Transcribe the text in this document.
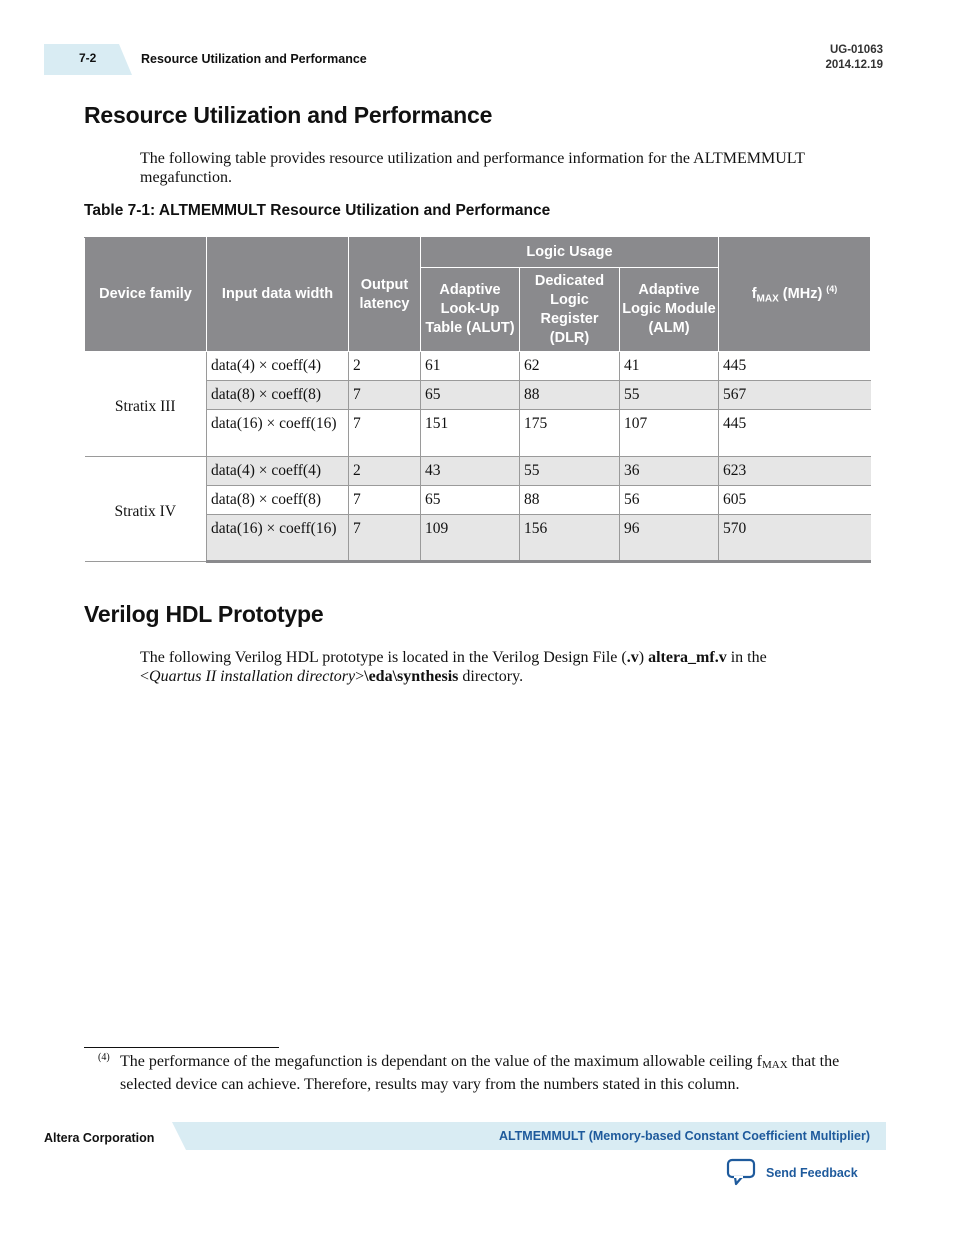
7-2	Resource Utilization and Performance
UG-01063
2014.12.19
Resource Utilization and Performance
The following table provides resource utilization and performance information for the ALTMEMMULT megafunction.
Table 7-1: ALTMEMMULT Resource Utilization and Performance
Device family	Input data width	Output latency	Logic Usage			$f_{MAX}$ (MHz) $^{(4)}$
			Adaptive Look-Up Table (ALUT)	Dedicated Logic Register (DLR)	Adaptive Logic Module (ALM)	
Stratix III	data(4) × coeff(4)	2	61	62	41	445
	data(8) × coeff(8)	7	65	88	55	567
	data(16) × coeff(16)	7	151	175	107	445
Stratix IV	data(4) × coeff(4)	2	43	55	36	623
	data(8) × coeff(8)	7	65	88	56	605
	data(16) × coeff(16)	7	109	156	96	570
Verilog HDL Prototype
The following Verilog HDL prototype is located in the Verilog Design File (.v) altera_mf.v in the
<Quartus II installation directory>\eda\synthesis directory.
(4) The performance of the megafunction is dependant on the value of the maximum allowable ceiling $f_{MAX}$ that the selected device can achieve. Therefore, results may vary from the numbers stated in this column.
Altera Corporation	ALTMEMMULT (Memory-based Constant Coefficient Multiplier)
Send Feedback
